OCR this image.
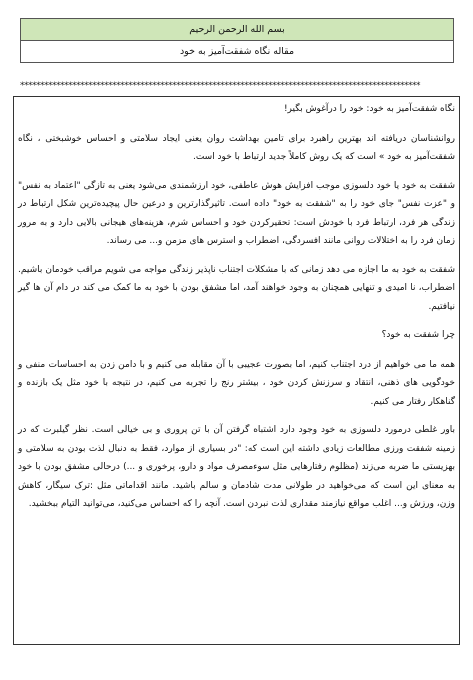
بسم الله الرحمن الرحیم
مقاله نگاه شفقت‌آمیز به خود
****************************************************************************************************

نگاه شفقت‌آمیز به خود: خود را درآغوش بگیر!

روانشناسان دریافته اند بهترین راهبرد برای تامین بهداشت روان یعنی ایجاد سلامتی و احساس خوشبختی ، نگاه شفقت‌آمیز به خود » است که یک روش کاملاً جدید ارتباط با خود است.

شفقت به خود یا خود دلسوزی موجب افزایش هوش عاطفی، خود ارزشمندی می‌شود یعنی به تازگی "اعتماد به نفس" و "عزت نفس" جای خود را به "شفقت به خود" داده است. تاثیرگذارترین و درعین حال پیچیده‌ترین شکل ارتباط در زندگی هر فرد، ارتباط فرد با خودش است: تحقیرکردن خود و احساس شرم، هزینه‌های هیجانی بالایی دارد و به مرور زمان فرد را به اختلالات روانی مانند افسردگی، اضطراب و استرس های مزمن و... می رساند.

شفقت به خود به ما اجازه می دهد زمانی که با مشکلات اجتناب ناپذیر زندگی مواجه می شویم مراقب خودمان باشیم. اضطراب، نا امیدی و تنهایی همچنان به وجود خواهند آمد، اما مشفق بودن با خود به ما کمک می کند در دام آن ها گیر نیافتیم.

چرا شفقت به خود؟

همه ما می خواهیم از درد اجتناب کنیم، اما بصورت عجیبی با آن مقابله می کنیم و با دامن زدن به احساسات منفی و خودگویی های ذهنی، انتقاد و سرزنش کردن خود ، بیشتر رنج را تجربه می کنیم، در نتیجه با خود مثل یک بازنده و گناهکار رفتار می کنیم.

باور غلطی درمورد دلسوزی به خود وجود دارد اشتباه گرفتن آن با تن پروری و بی خیالی است. نظر گیلبرت که در زمینه شفقت ورزی مطالعات زیادی داشته این است که: "در بسیاری از موارد، فقط به دنبال لذت بودن به سلامتی و بهزیستی ما ضربه می‌زند (مظلوم رفتارهایی مثل سوءمصرف مواد و دارو، پرخوری و ...) درحالی مشفق بودن با خود به معنای این است که می‌خواهید در طولانی مدت شادمان و سالم باشید. مانند اقداماتی مثل :ترک سیگار، کاهش وزن، ورزش و... اغلب مواقع نیازمند مقداری لذت نبردن است. آنچه را که احساس می‌کنید، می‌توانید التیام ببخشید.
